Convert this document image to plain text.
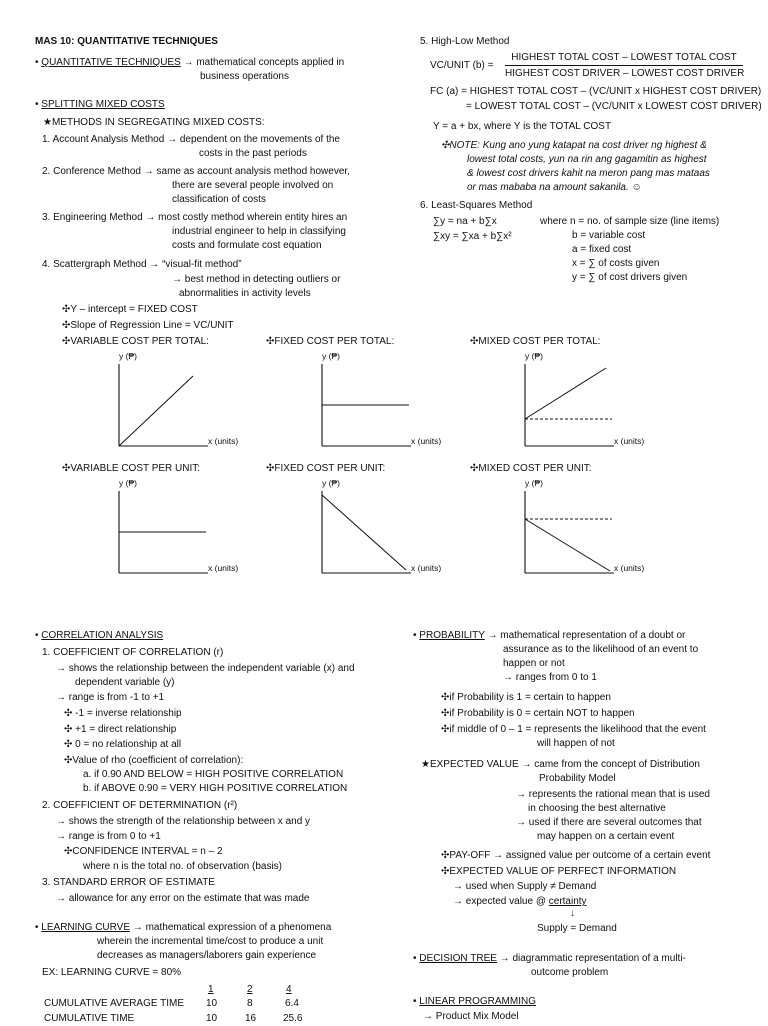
MAS 10: QUANTITATIVE TECHNIQUES
• QUANTITATIVE TECHNIQUES → mathematical concepts applied in
business operations
• SPLITTING MIXED COSTS
★METHODS IN SEGREGATING MIXED COSTS:
1. Account Analysis Method → dependent on the movements of the
costs in the past periods
2. Conference Method → same as account analysis method however,
there are several people involved on
classification of costs
3. Engineering Method → most costly method wherein entity hires an
industrial engineer to help in classifying
costs and formulate cost equation
4. Scattergraph Method → “visual-fit method”
→ best method in detecting outliers or
abnormalities in activity levels
✣Y – intercept = FIXED COST
✣Slope of Regression Line = VC/UNIT
5. High-Low Method
VC/UNIT (b) =
HIGHEST TOTAL COST – LOWEST TOTAL COST
HIGHEST COST DRIVER – LOWEST COST DRIVER
FC (a) = HIGHEST TOTAL COST – (VC/UNIT x HIGHEST COST DRIVER)
= LOWEST TOTAL COST – (VC/UNIT x LOWEST COST DRIVER)
Y = a + bx, where Y is the TOTAL COST
✣NOTE: Kung ano yung katapat na cost driver ng highest &
lowest total costs, yun na rin ang gagamitin as highest
& lowest cost drivers kahit na meron pang mas mataas
or mas mababa na amount sakanila. ☺
6. Least-Squares Method
∑y = na + b∑x
∑xy = ∑xa + b∑x²
where n = no. of sample size (line items)
b = variable cost
a = fixed cost
x = ∑ of costs given
y = ∑ of cost drivers given
✣VARIABLE COST PER TOTAL:	✣FIXED COST PER TOTAL:	✣MIXED COST PER TOTAL:
✣VARIABLE COST PER UNIT:	✣FIXED COST PER UNIT:	✣MIXED COST PER UNIT:
y (₱)
x (units)
y (₱)
x (units)
y (₱)
x (units)
y (₱)
x (units)
y (₱)
x (units)
y (₱)
x (units)
• CORRELATION ANALYSIS
1. COEFFICIENT OF CORRELATION (r)
→ shows the relationship between the independent variable (x) and
dependent variable (y)
→ range is from -1 to +1
✣ -1 = inverse relationship
✣ +1 = direct relationship
✣ 0 = no relationship at all
✣Value of rho (coefficient of correlation):
a. if 0.90 AND BELOW = HIGH POSITIVE CORRELATION
b. if ABOVE 0.90 = VERY HIGH POSITIVE CORRELATION
2. COEFFICIENT OF DETERMINATION (r²)
→ shows the strength of the relationship between x and y
→ range is from 0 to +1
✣CONFIDENCE INTERVAL = n – 2
where n is the total no. of observation (basis)
3. STANDARD ERROR OF ESTIMATE
→ allowance for any error on the estimate that was made
• LEARNING CURVE → mathematical expression of a phenomena
wherein the incremental time/cost to produce a unit
decreases as managers/laborers gain experience
EX: LEARNING CURVE = 80%
1	2	4
CUMULATIVE AVERAGE TIME 10	8	6.4
CUMULATIVE TIME	10	16	25.6
• PROBABILITY → mathematical representation of a doubt or
assurance as to the likelihood of an event to
happen or not
→ ranges from 0 to 1
✣if Probability is 1 = certain to happen
✣if Probability is 0 = certain NOT to happen
✣if middle of 0 – 1 = represents the likelihood that the event
will happen of not
★EXPECTED VALUE → came from the concept of Distribution
Probability Model
→ represents the rational mean that is used
in choosing the best alternative
→ used if there are several outcomes that
may happen on a certain event
✣PAY-OFF → assigned value per outcome of a certain event
✣EXPECTED VALUE OF PERFECT INFORMATION
→ used when Supply ≠ Demand
→ expected value @ certainty
↓
Supply = Demand
• DECISION TREE → diagrammatic representation of a multi-
outcome problem
• LINEAR PROGRAMMING
→ Product Mix Model
